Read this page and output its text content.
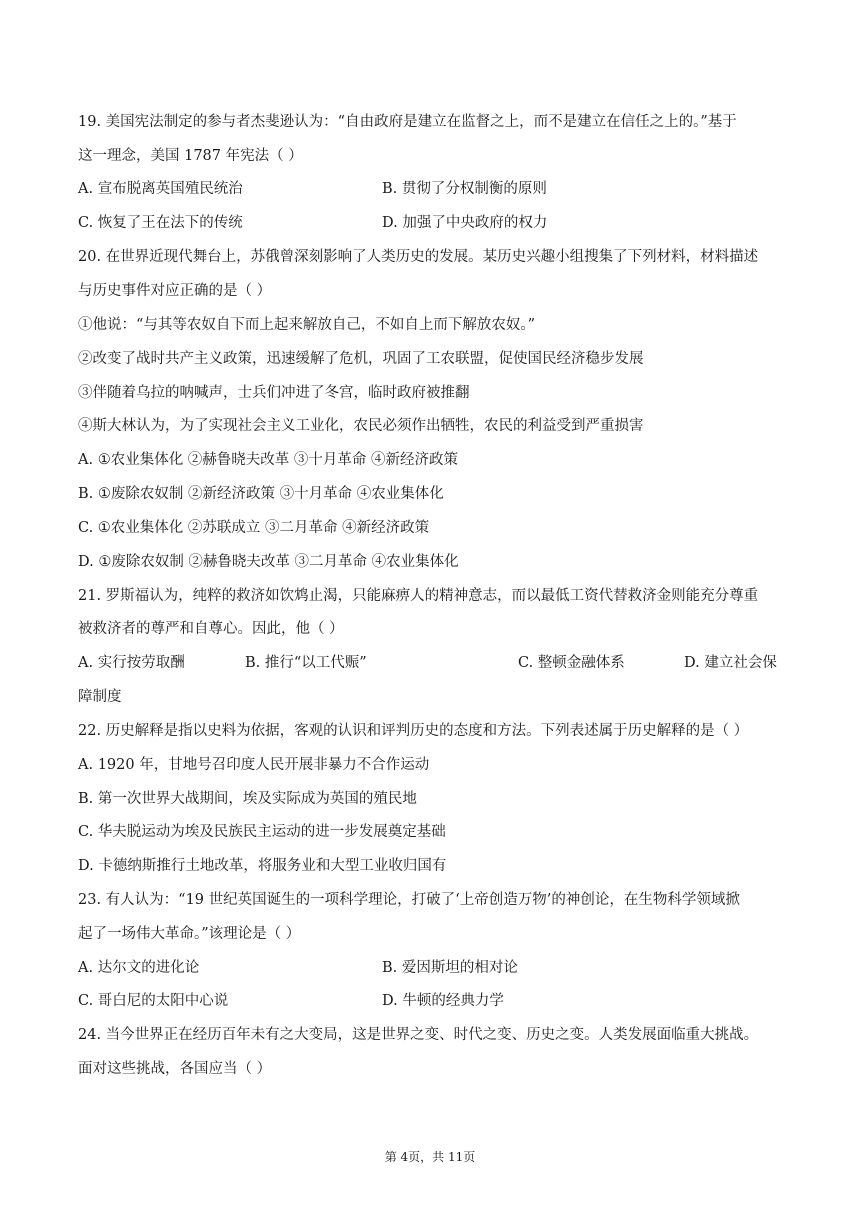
19. 美国宪法制定的参与者杰斐逊认为：“自由政府是建立在监督之上，而不是建立在信任之上的。”基于
这一理念，美国 1787 年宪法（ ）
A. 宣布脱离英国殖民统治	B. 贯彻了分权制衡的原则
C. 恢复了王在法下的传统	D. 加强了中央政府的权力
20. 在世界近现代舞台上，苏俄曾深刻影响了人类历史的发展。某历史兴趣小组搜集了下列材料，材料描述
与历史事件对应正确的是（ ）
①他说：“与其等农奴自下而上起来解放自己，不如自上而下解放农奴。”
②改变了战时共产主义政策，迅速缓解了危机，巩固了工农联盟，促使国民经济稳步发展
③伴随着乌拉的呐喊声，士兵们冲进了冬宫，临时政府被推翻
④斯大林认为，为了实现社会主义工业化，农民必须作出牺牲，农民的利益受到严重损害
A. ①农业集体化 ②赫鲁晓夫改革 ③十月革命 ④新经济政策
B. ①废除农奴制 ②新经济政策 ③十月革命 ④农业集体化
C. ①农业集体化 ②苏联成立 ③二月革命 ④新经济政策
D. ①废除农奴制 ②赫鲁晓夫改革 ③二月革命 ④农业集体化
21. 罗斯福认为，纯粹的救济如饮鸩止渴，只能麻痹人的精神意志，而以最低工资代替救济金则能充分尊重
被救济者的尊严和自尊心。因此，他（ ）
A. 实行按劳取酬	B. 推行“以工代赈”	C. 整顿金融体系	D. 建立社会保
障制度
22. 历史解释是指以史料为依据，客观的认识和评判历史的态度和方法。下列表述属于历史解释的是（ ）
A. 1920 年，甘地号召印度人民开展非暴力不合作运动
B. 第一次世界大战期间，埃及实际成为英国的殖民地
C. 华夫脱运动为埃及民族民主运动的进一步发展奠定基础
D. 卡德纳斯推行土地改革，将服务业和大型工业收归国有
23. 有人认为：“19 世纪英国诞生的一项科学理论，打破了‘上帝创造万物’的神创论，在生物科学领域掀
起了一场伟大革命。”该理论是（ ）
A. 达尔文的进化论	B. 爱因斯坦的相对论
C. 哥白尼的太阳中心说	D. 牛顿的经典力学
24. 当今世界正在经历百年未有之大变局，这是世界之变、时代之变、历史之变。人类发展面临重大挑战。
面对这些挑战，各国应当（ ）
第 4页，共 11页
